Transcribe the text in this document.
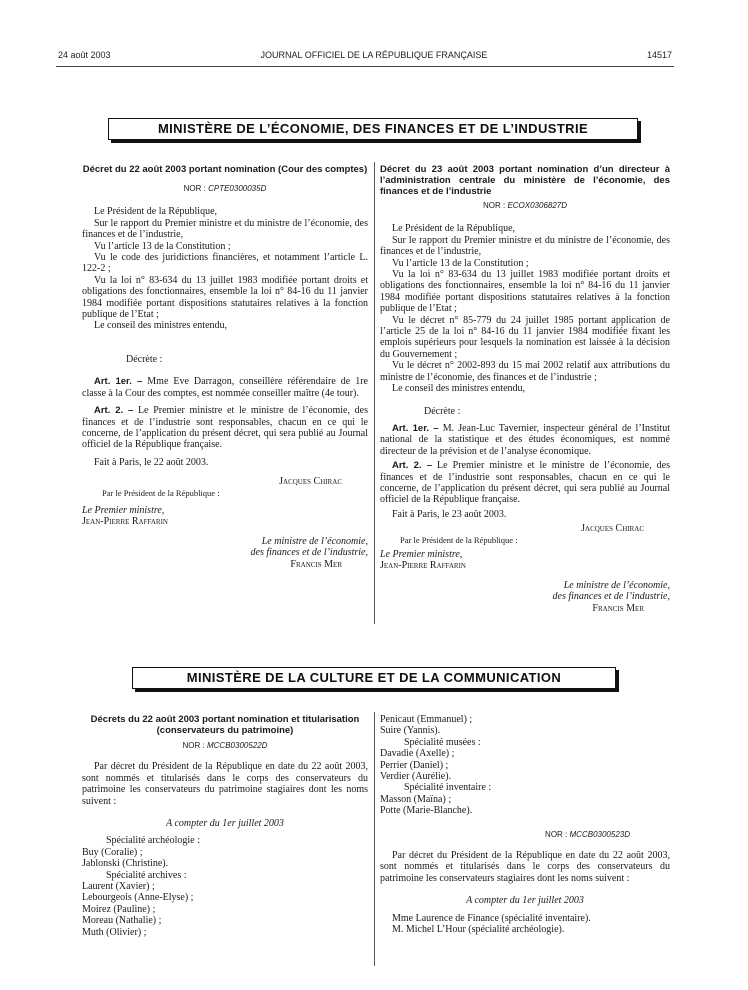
24 août 2003	JOURNAL OFFICIEL DE LA RÉPUBLIQUE FRANÇAISE	14517
MINISTÈRE DE L’ÉCONOMIE, DES FINANCES ET DE L’INDUSTRIE
Décret du 22 août 2003 portant nomination (Cour des comptes)
NOR : CPTE0300035D

Le Président de la République,

Sur le rapport du Premier ministre et du ministre de l’économie, des finances et de l’industrie,

Vu l’article 13 de la Constitution ;

Vu le code des juridictions financières, et notamment l’article L. 122-2 ;

Vu la loi n° 83-634 du 13 juillet 1983 modifiée portant droits et obligations des fonctionnaires, ensemble la loi n° 84-16 du 11 janvier 1984 modifiée portant dispositions statutaires relatives à la fonction publique de l’Etat ;

Le conseil des ministres entendu,

Décrète :

Art. 1er. – Mme Eve Darragon, conseillère référendaire de 1re classe à la Cour des comptes, est nommée conseiller maître (4e tour).

Art. 2. – Le Premier ministre et le ministre de l’économie, des finances et de l’industrie sont responsables, chacun en ce qui le concerne, de l’application du présent décret, qui sera publié au Journal officiel de la République française.

Fait à Paris, le 22 août 2003.

Jacques Chirac
Par le Président de la République :
Le Premier ministre,
Jean-Pierre Raffarin
Le ministre de l’économie,
des finances et de l’industrie,
Francis Mer
Décret du 23 août 2003 portant nomination d’un directeur à l’administration centrale du ministère de l’économie, des finances et de l’industrie
NOR : ECOX0306827D

Le Président de la République,

Sur le rapport du Premier ministre et du ministre de l’économie, des finances et de l’industrie,

Vu l’article 13 de la Constitution ;

Vu la loi n° 83-634 du 13 juillet 1983 modifiée portant droits et obligations des fonctionnaires, ensemble la loi n° 84-16 du 11 janvier 1984 modifiée portant dispositions statutaires relatives à la fonction publique de l’Etat ;

Vu le décret n° 85-779 du 24 juillet 1985 portant application de l’article 25 de la loi n° 84-16 du 11 janvier 1984 modifiée fixant les emplois supérieurs pour lesquels la nomination est laissée à la décision du Gouvernement ;

Vu le décret n° 2002-893 du 15 mai 2002 relatif aux attributions du ministre de l’économie, des finances et de l’industrie ;

Le conseil des ministres entendu,

Décrète :

Art. 1er. – M. Jean-Luc Tavernier, inspecteur général de l’Institut national de la statistique et des études économiques, est nommé directeur de la prévision et de l’analyse économique.

Art. 2. – Le Premier ministre et le ministre de l’économie, des finances et de l’industrie sont responsables, chacun en ce qui le concerne, de l’application du présent décret, qui sera publié au Journal officiel de la République française.

Fait à Paris, le 23 août 2003.

Jacques Chirac
Par le Président de la République :
Le Premier ministre,
Jean-Pierre Raffarin
Le ministre de l’économie,
des finances et de l’industrie,
Francis Mer
MINISTÈRE DE LA CULTURE ET DE LA COMMUNICATION
Décrets du 22 août 2003 portant nomination et titularisation (conservateurs du patrimoine)
NOR : MCCB0300522D

Par décret du Président de la République en date du 22 août 2003, sont nommés et titularisés dans le corps des conservateurs du patrimoine les conservateurs du patrimoine stagiaires dont les noms suivent :

A compter du 1er juillet 2003
Spécialité archéologie :
Buy (Coralie) ;
Jablonski (Christine).
Spécialité archives :
Laurent (Xavier) ;
Lebourgeois (Anne-Elyse) ;
Moirez (Pauline) ;
Moreau (Nathalie) ;
Muth (Olivier) ;
Penicaut (Emmanuel) ;
Suire (Yannis).
Spécialité musées :
Davadie (Axelle) ;
Perrier (Daniel) ;
Verdier (Aurélie).
Spécialité inventaire :
Masson (Maïna) ;
Potte (Marie-Blanche).
NOR : MCCB0300523D

Par décret du Président de la République en date du 22 août 2003, sont nommés et titularisés dans le corps des conservateurs du patrimoine les conservateurs stagiaires dont les noms suivent :

A compter du 1er juillet 2003

Mme Laurence de Finance (spécialité inventaire).

M. Michel L’Hour (spécialité archéologie).
